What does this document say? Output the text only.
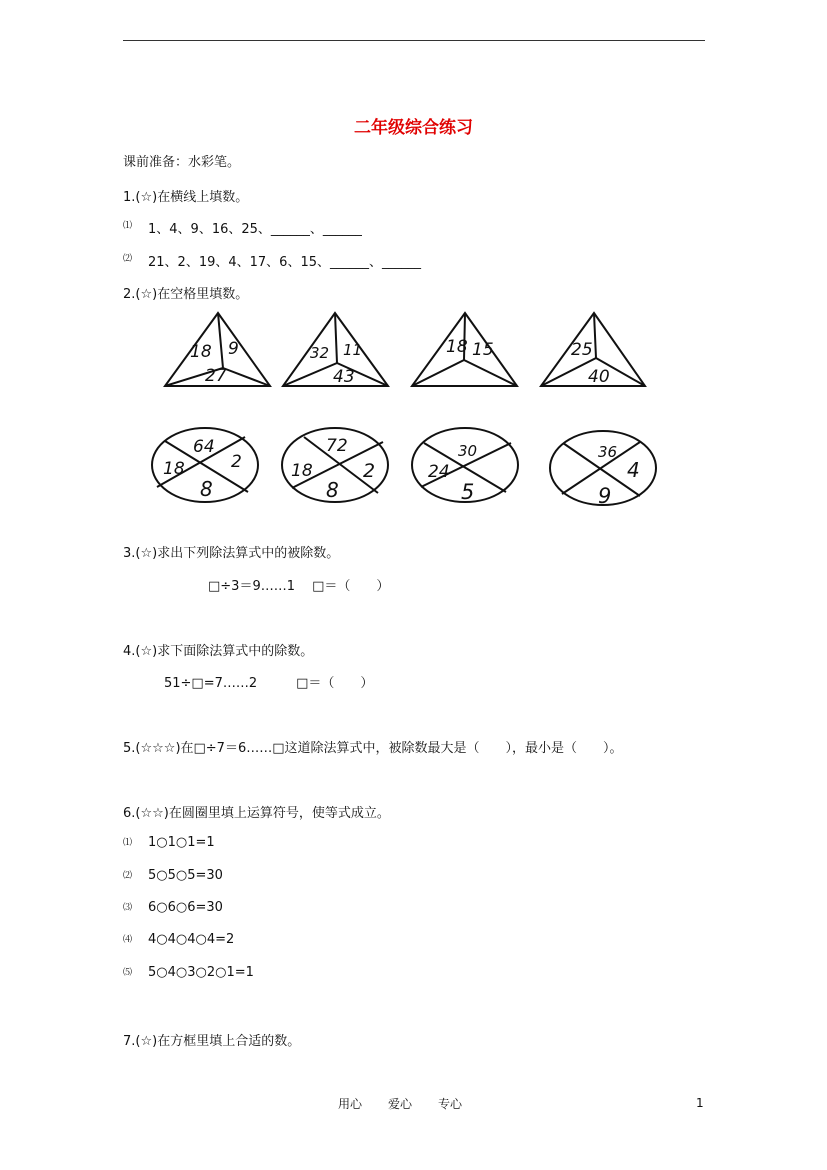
二年级综合练习
课前准备：水彩笔。
1.(☆)在横线上填数。
⑴ 1、4、9、16、25、______、______
⑵ 21、2、19、4、17、6、15、______、______
2.(☆)在空格里填数。
18 9
27
32 11
43
18 15	25
40
64
18	2
8
72
18	2
8
30
24
5
36
4
9
3.(☆)求出下列除法算式中的被除数。
□÷3＝9……1　 □＝（　　）
4.(☆)求下面除法算式中的除数。
51÷□=7……2　　　□＝（　　）
5.(☆☆☆)在□÷7＝6……□这道除法算式中，被除数最大是（　　），最小是（　　）。
6.(☆☆)在圆圈里填上运算符号，使等式成立。
⑴ 1○1○1=1
⑵ 5○5○5=30
⑶ 6○6○6=30
⑷ 4○4○4○4=2
⑸ 5○4○3○2○1=1
7.(☆)在方框里填上合适的数。
用心 爱心 专心	1
